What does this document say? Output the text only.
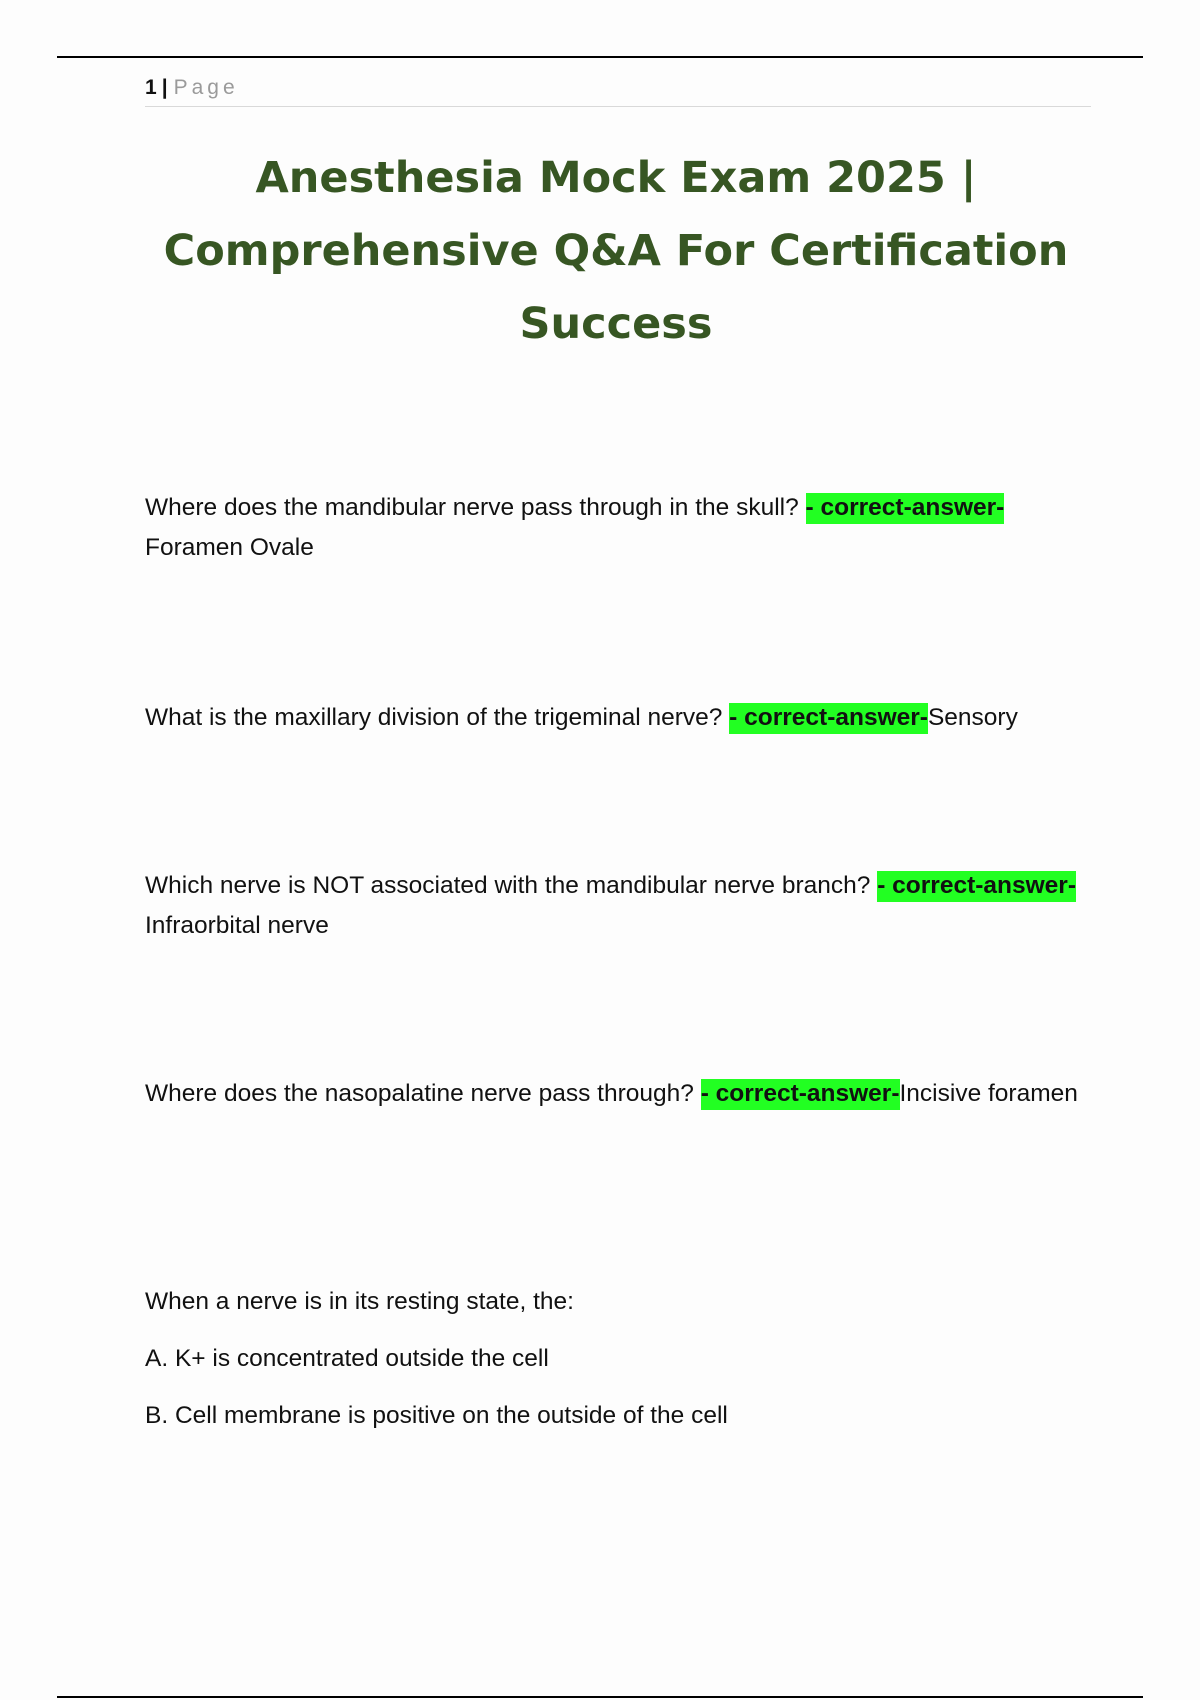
1 | Page
Anesthesia Mock Exam 2025 | Comprehensive Q&A For Certification Success

Where does the mandibular nerve pass through in the skull? - correct-answer-Foramen Ovale

What is the maxillary division of the trigeminal nerve? - correct-answer-Sensory

Which nerve is NOT associated with the mandibular nerve branch? - correct-answer-Infraorbital nerve

Where does the nasopalatine nerve pass through? - correct-answer-Incisive foramen

When a nerve is in its resting state, the:

A. K+ is concentrated outside the cell

B. Cell membrane is positive on the outside of the cell
